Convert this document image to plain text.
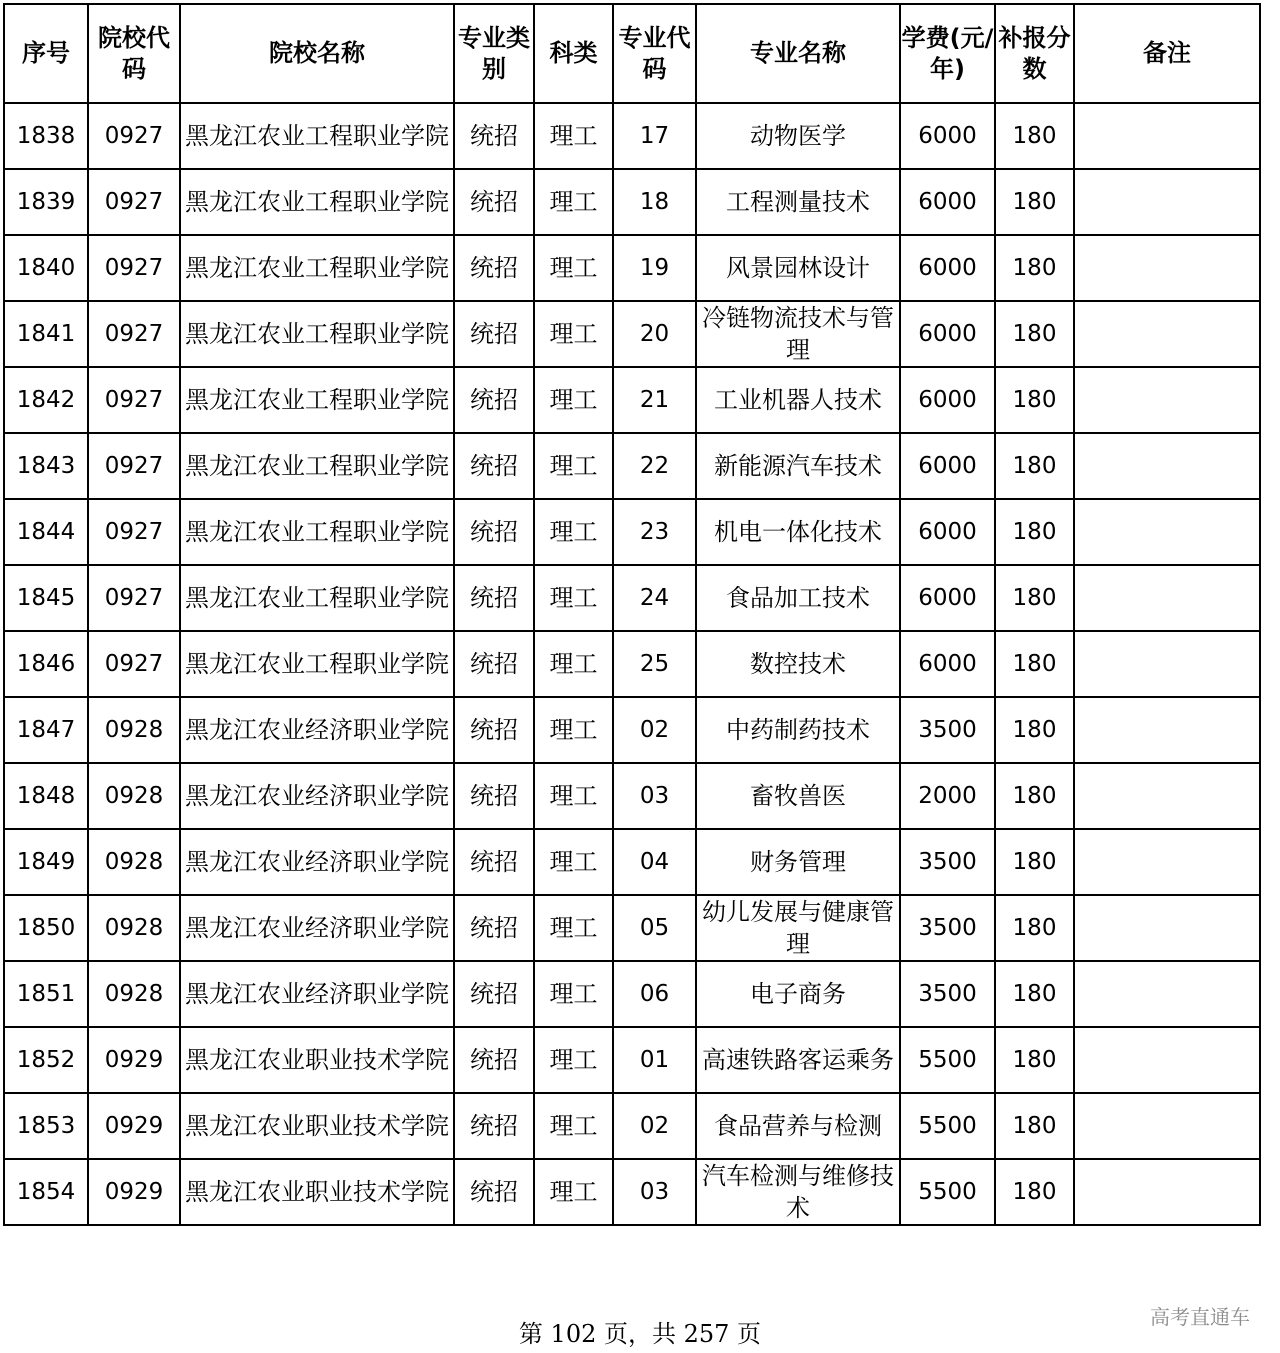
序号	院校代码	院校名称	专业类别	科类	专业代码	专业名称	学费(元/年)	补报分数	备注
1838	0927	黑龙江农业工程职业学院	统招	理工	17	动物医学	6000	180	
1839	0927	黑龙江农业工程职业学院	统招	理工	18	工程测量技术	6000	180	
1840	0927	黑龙江农业工程职业学院	统招	理工	19	风景园林设计	6000	180	
1841	0927	黑龙江农业工程职业学院	统招	理工	20	冷链物流技术与管理	6000	180	
1842	0927	黑龙江农业工程职业学院	统招	理工	21	工业机器人技术	6000	180	
1843	0927	黑龙江农业工程职业学院	统招	理工	22	新能源汽车技术	6000	180	
1844	0927	黑龙江农业工程职业学院	统招	理工	23	机电一体化技术	6000	180	
1845	0927	黑龙江农业工程职业学院	统招	理工	24	食品加工技术	6000	180	
1846	0927	黑龙江农业工程职业学院	统招	理工	25	数控技术	6000	180	
1847	0928	黑龙江农业经济职业学院	统招	理工	02	中药制药技术	3500	180	
1848	0928	黑龙江农业经济职业学院	统招	理工	03	畜牧兽医	2000	180	
1849	0928	黑龙江农业经济职业学院	统招	理工	04	财务管理	3500	180	
1850	0928	黑龙江农业经济职业学院	统招	理工	05	幼儿发展与健康管理	3500	180	
1851	0928	黑龙江农业经济职业学院	统招	理工	06	电子商务	3500	180	
1852	0929	黑龙江农业职业技术学院	统招	理工	01	高速铁路客运乘务	5500	180	
1853	0929	黑龙江农业职业技术学院	统招	理工	02	食品营养与检测	5500	180	
1854	0929	黑龙江农业职业技术学院	统招	理工	03	汽车检测与维修技术	5500	180	
第 102 页，共 257 页
高考直通车
